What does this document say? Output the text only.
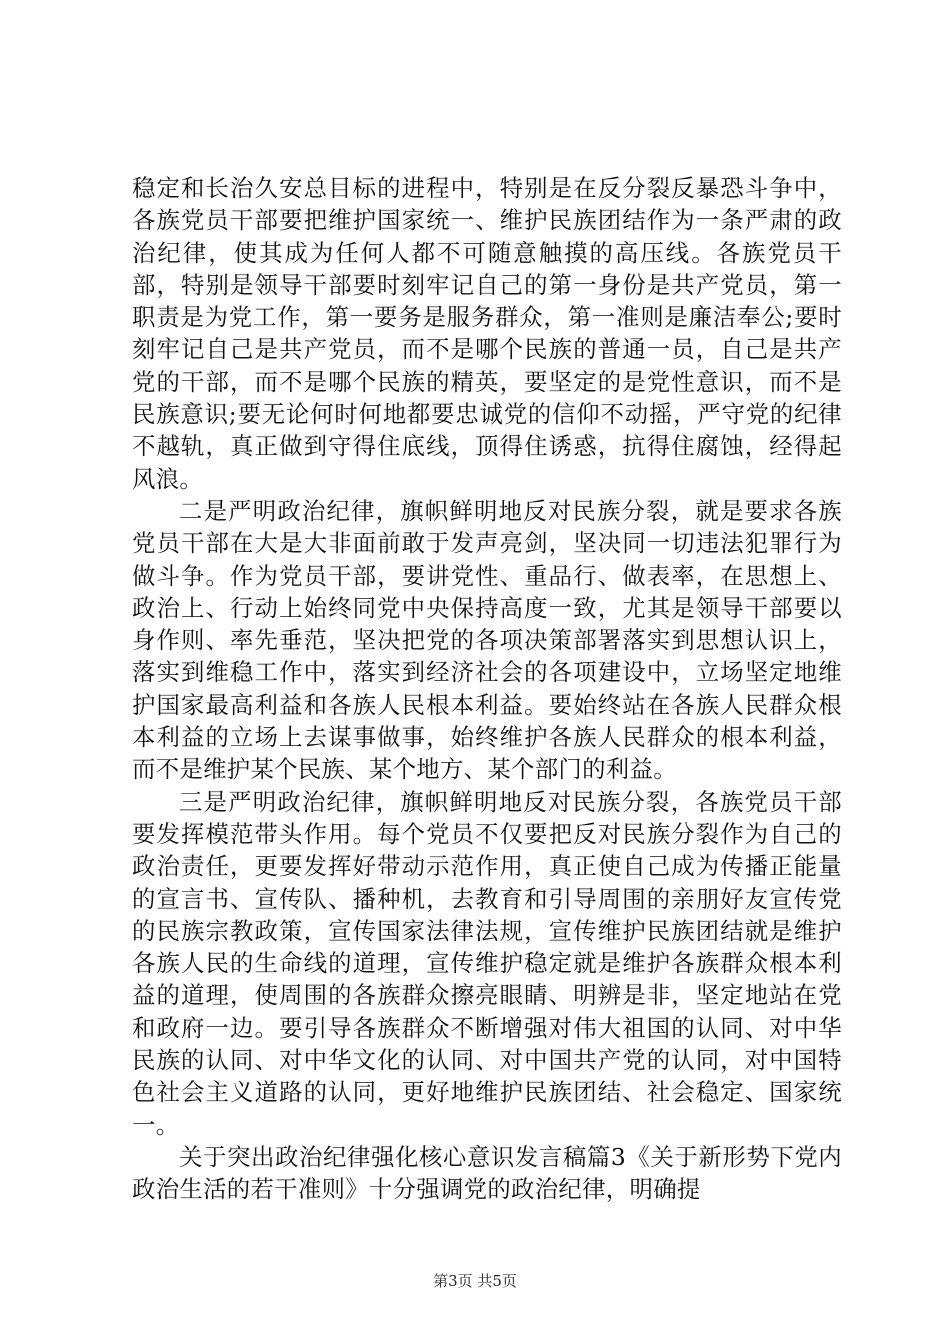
稳定和长治久安总目标的进程中，特别是在反分裂反暴恐斗争中，各族党员干部要把维护国家统一、维护民族团结作为一条严肃的政治纪律，使其成为任何人都不可随意触摸的高压线。各族党员干部，特别是领导干部要时刻牢记自己的第一身份是共产党员，第一职责是为党工作，第一要务是服务群众，第一准则是廉洁奉公;要时刻牢记自己是共产党员，而不是哪个民族的普通一员，自己是共产党的干部，而不是哪个民族的精英，要坚定的是党性意识，而不是民族意识;要无论何时何地都要忠诚党的信仰不动摇，严守党的纪律不越轨，真正做到守得住底线，顶得住诱惑，抗得住腐蚀，经得起风浪。

二是严明政治纪律，旗帜鲜明地反对民族分裂，就是要求各族党员干部在大是大非面前敢于发声亮剑，坚决同一切违法犯罪行为做斗争。作为党员干部，要讲党性、重品行、做表率，在思想上、政治上、行动上始终同党中央保持高度一致，尤其是领导干部要以身作则、率先垂范，坚决把党的各项决策部署落实到思想认识上，落实到维稳工作中，落实到经济社会的各项建设中，立场坚定地维护国家最高利益和各族人民根本利益。要始终站在各族人民群众根本利益的立场上去谋事做事，始终维护各族人民群众的根本利益，而不是维护某个民族、某个地方、某个部门的利益。

三是严明政治纪律，旗帜鲜明地反对民族分裂，各族党员干部要发挥模范带头作用。每个党员不仅要把反对民族分裂作为自己的政治责任，更要发挥好带动示范作用，真正使自己成为传播正能量的宣言书、宣传队、播种机，去教育和引导周围的亲朋好友宣传党的民族宗教政策，宣传国家法律法规，宣传维护民族团结就是维护各族人民的生命线的道理，宣传维护稳定就是维护各族群众根本利益的道理，使周围的各族群众擦亮眼睛、明辨是非，坚定地站在党和政府一边。要引导各族群众不断增强对伟大祖国的认同、对中华民族的认同、对中华文化的认同、对中国共产党的认同，对中国特色社会主义道路的认同，更好地维护民族团结、社会稳定、国家统一。

关于突出政治纪律强化核心意识发言稿篇3《关于新形势下党内政治生活的若干准则》十分强调党的政治纪律，明确提

第3页 共5页
